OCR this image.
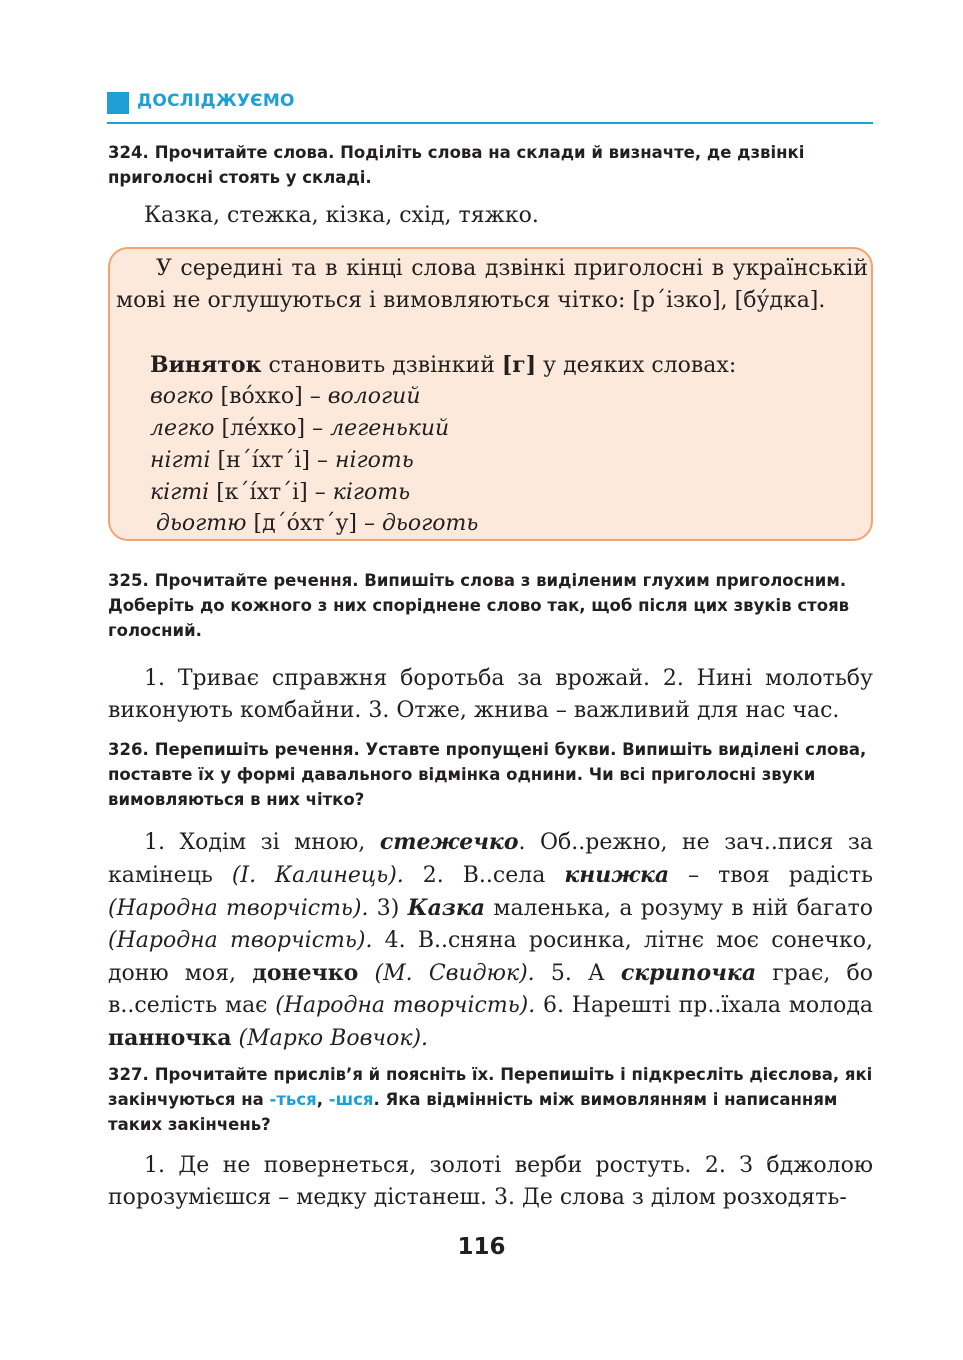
ДОСЛІДЖУЄМО
324. Прочитайте слова. Поділіть слова на склади й визначте, де дзвінкі приголосні стоять у складі.
Казка, стежка, кізка, схід, тяжко.
У середині та в кінці слова дзвінкі приголосні в українській мові не оглушуються і вимовляються чітко: [р´ізко], [бу́дка].
Виняток становить дзвінкий [г] у деяких словах:
вогко [во́хко] – вологий
легко [ле́хко] – легенький
нігті [н´íхт´і] – ніготь
кігті [к´íхт´і] – кіготь
дьогтю [д´óхт´у] – дьоготь
325. Прочитайте речення. Випишіть слова з виділеним глухим приголосним. Доберіть до кожного з них споріднене слово так, щоб після цих звуків стояв голосний.
1. Триває справжня боротьба за врожай. 2. Нині молотьбу виконують комбайни. 3. Отже, жнива – важливий для нас час.
326. Перепишіть речення. Уставте пропущені букви. Випишіть виділені слова, поставте їх у формі давального відмінка однини. Чи всі приголосні звуки вимовляються в них чітко?
1. Ходім зі мною, стежечко. Об..режно, не зач..пися за камінець (І. Калинець). 2. В..села книжка – твоя радість (Народна творчість). 3) Казка маленька, а розуму в ній багато (Народна творчість). 4. В..сняна росинка, літнє моє сонечко, доню моя, донечко (М. Свидюк). 5. А скрипочка грає, бо в..селість має (Народна творчість). 6. Нарешті пр..їхала молода панночка (Марко Вовчок).
327. Прочитайте прислів’я й поясніть їх. Перепишіть і підкресліть дієслова, які закінчуються на -ться, -шся. Яка відмінність між вимовлянням і написанням таких закінчень?
1. Де не повернеться, золоті верби ростуть. 2. З бджолою порозумієшся – медку дістанеш. 3. Де слова з ділом розходять-
116
